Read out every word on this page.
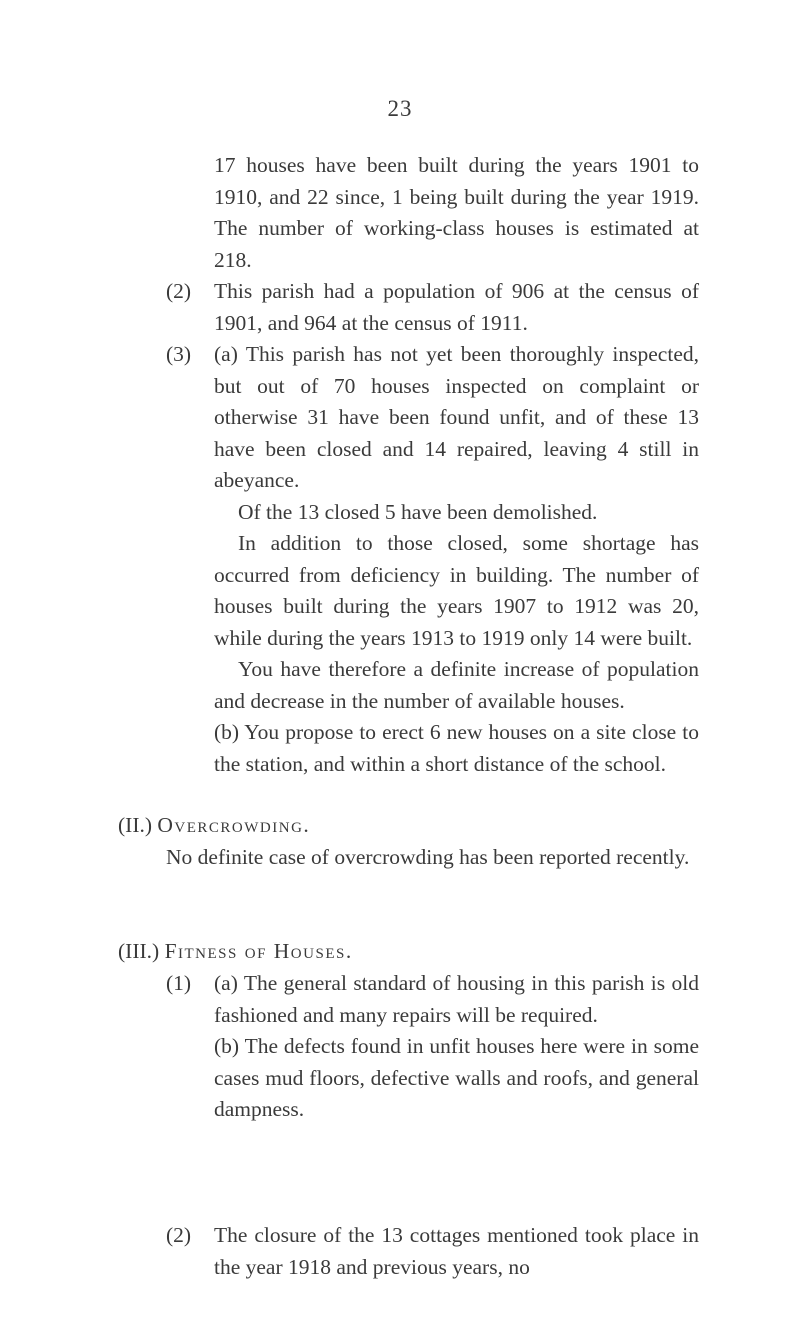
23

17 houses have been built during the years 1901 to 1910, and 22 since, 1 being built during the year 1919. The number of working-class houses is estimated at 218.

(2) This parish had a population of 906 at the census of 1901, and 964 at the census of 1911.

(3) (a) This parish has not yet been thoroughly inspected, but out of 70 houses inspected on complaint or otherwise 31 have been found unfit, and of these 13 have been closed and 14 repaired, leaving 4 still in abeyance.

Of the 13 closed 5 have been demolished.

In addition to those closed, some shortage has occurred from deficiency in building. The number of houses built during the years 1907 to 1912 was 20, while during the years 1913 to 1919 only 14 were built.

You have therefore a definite increase of population and decrease in the number of available houses.

(b) You propose to erect 6 new houses on a site close to the station, and within a short distance of the school.

(II.) Overcrowding.

No definite case of overcrowding has been reported recently.

(III.) Fitness of Houses.
(1) (a) The general standard of housing in this parish is old fashioned and many repairs will be required.

(b) The defects found in unfit houses here were in some cases mud floors, defective walls and roofs, and general dampness.

(2) The closure of the 13 cottages mentioned took place in the year 1918 and previous years, no
